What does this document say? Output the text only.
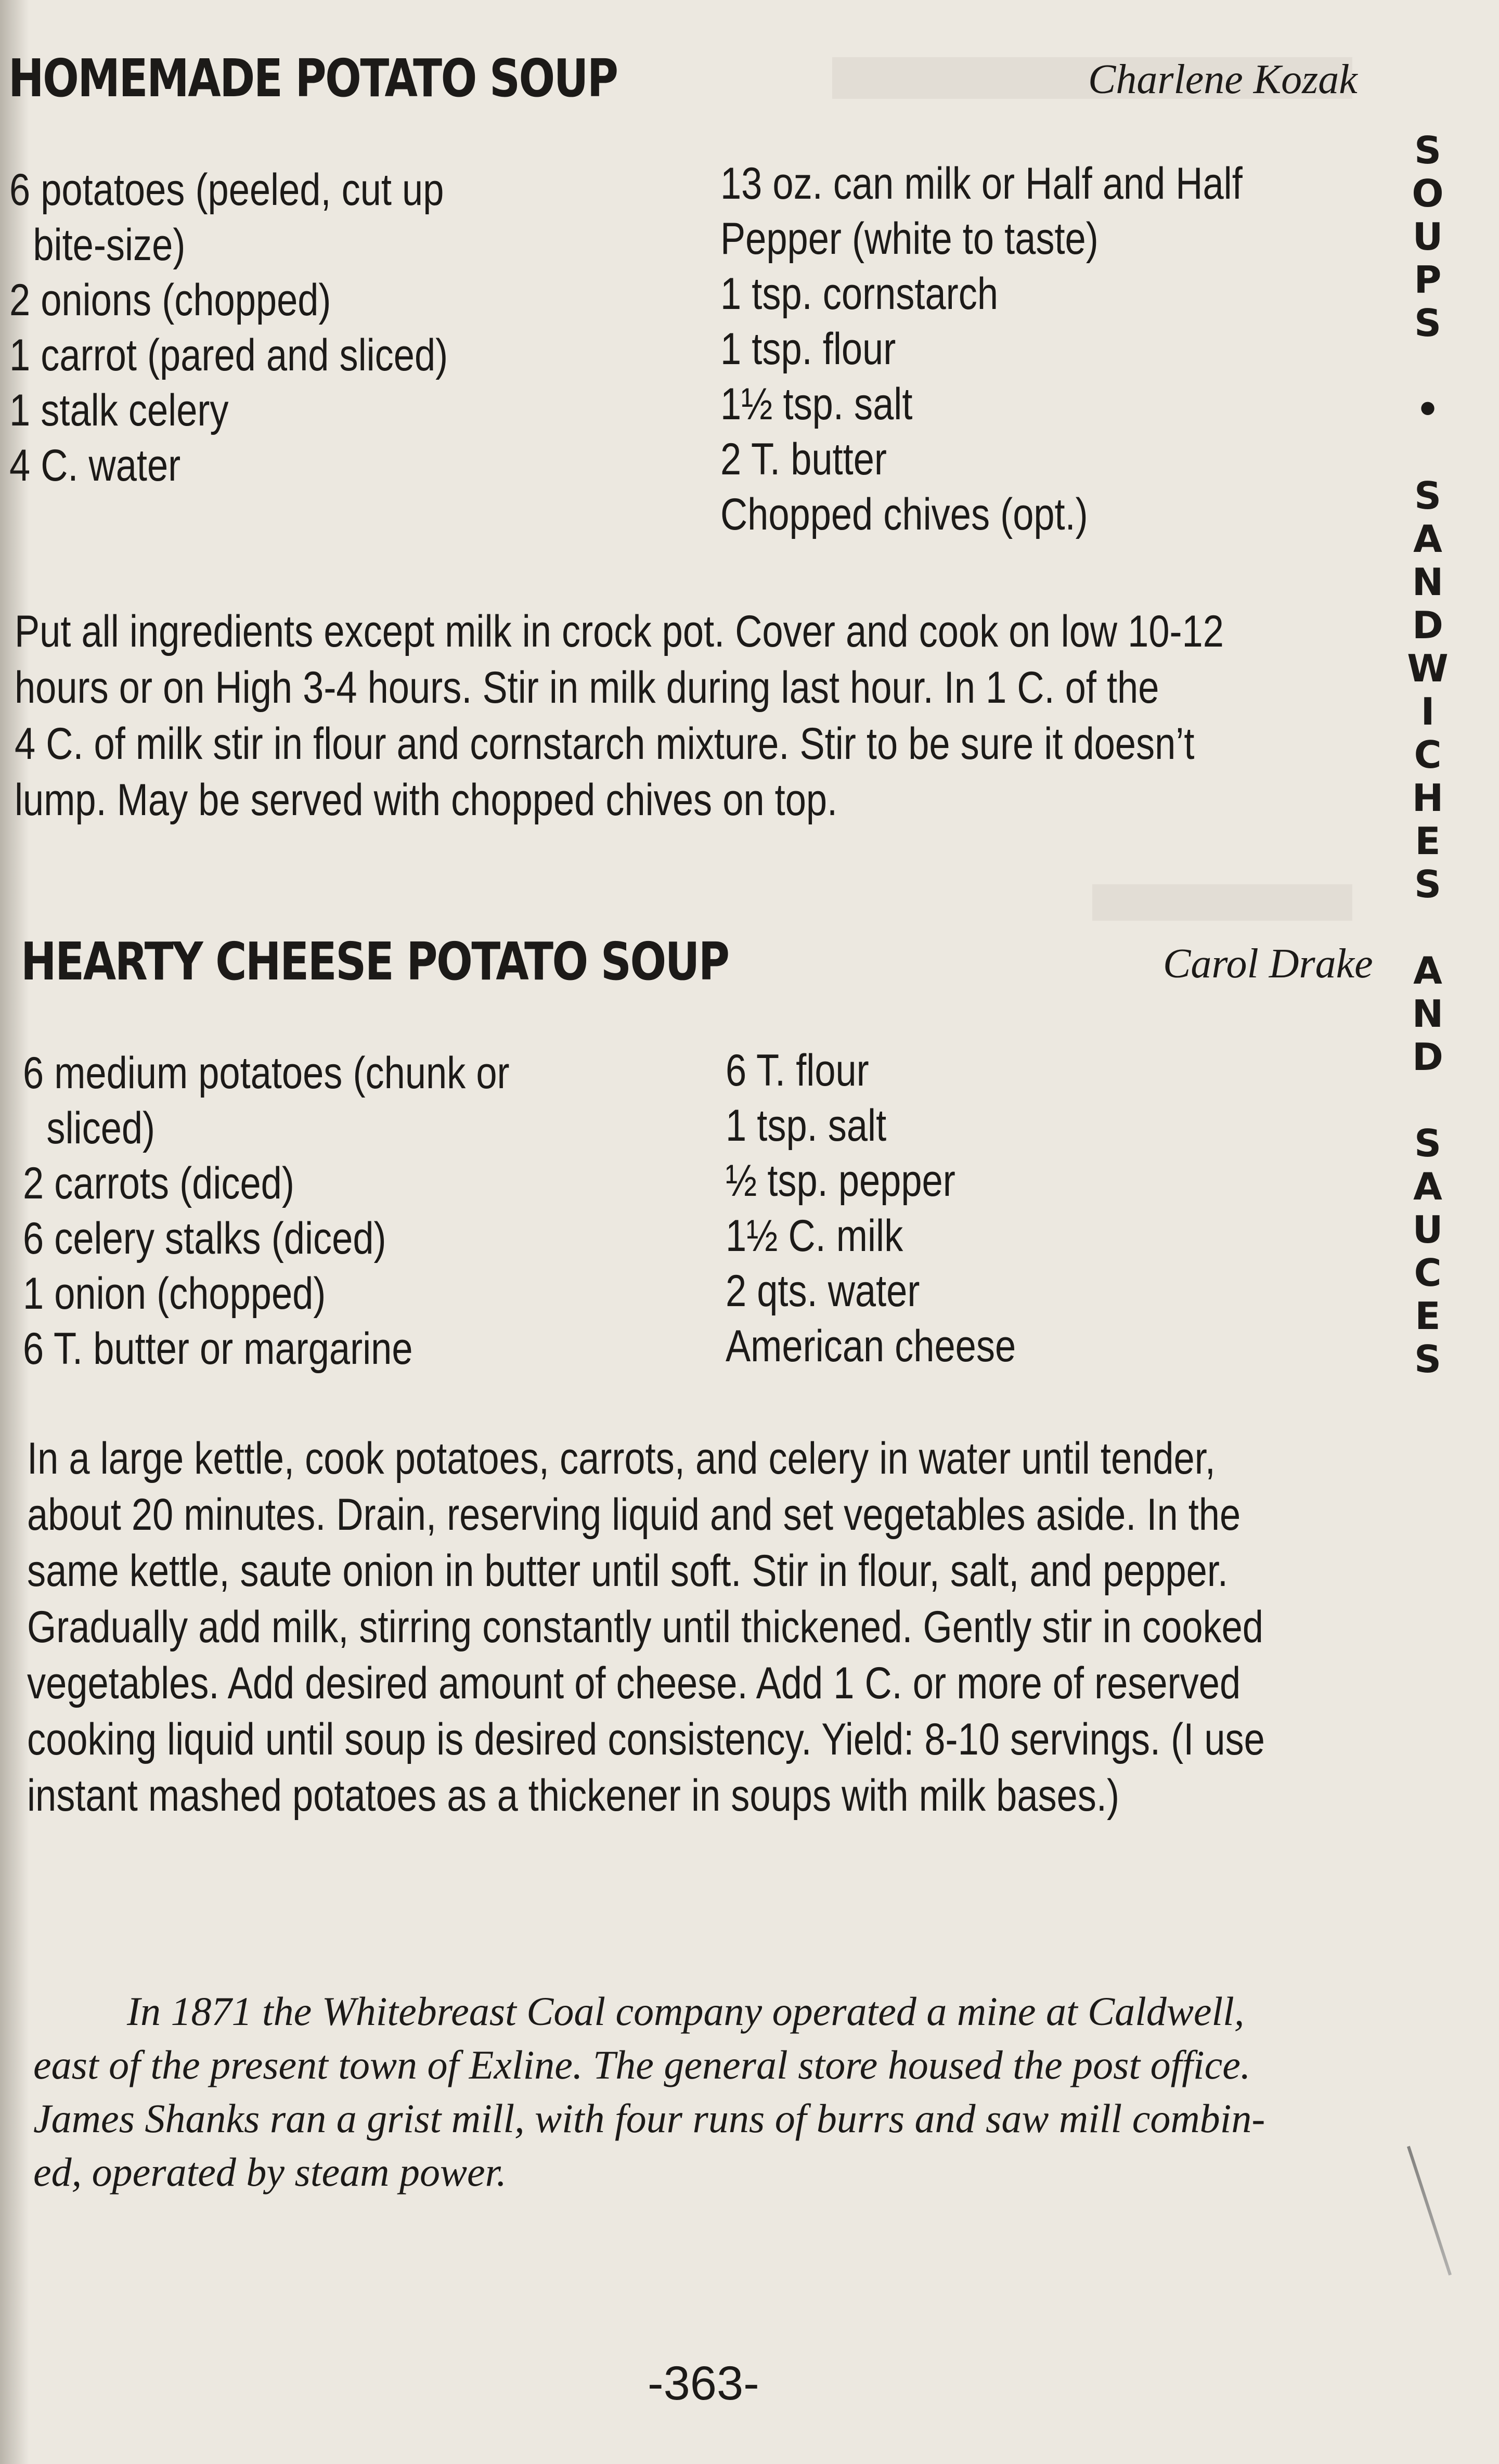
HOMEMADE POTATO SOUP	Charlene Kozak
6 potatoes (peeled, cut up
bite-size)
2 onions (chopped)
1 carrot (pared and sliced)
1 stalk celery
4 C. water
13 oz. can milk or Half and Half
Pepper (white to taste)
1 tsp. cornstarch
1 tsp. flour
1½ tsp. salt
2 T. butter
Chopped chives (opt.)
Put all ingredients except milk in crock pot. Cover and cook on low 10-12
hours or on High 3-4 hours. Stir in milk during last hour. In 1 C. of the
4 C. of milk stir in flour and cornstarch mixture. Stir to be sure it doesn’t
lump. May be served with chopped chives on top.
HEARTY CHEESE POTATO SOUP	Carol Drake
6 medium potatoes (chunk or
sliced)
2 carrots (diced)
6 celery stalks (diced)
1 onion (chopped)
6 T. butter or margarine
6 T. flour
1 tsp. salt
½ tsp. pepper
1½ C. milk
2 qts. water
American cheese
In a large kettle, cook potatoes, carrots, and celery in water until tender,
about 20 minutes. Drain, reserving liquid and set vegetables aside. In the
same kettle, saute onion in butter until soft. Stir in flour, salt, and pepper.
Gradually add milk, stirring constantly until thickened. Gently stir in cooked
vegetables. Add desired amount of cheese. Add 1 C. or more of reserved
cooking liquid until soup is desired consistency. Yield: 8-10 servings. (I use
instant mashed potatoes as a thickener in soups with milk bases.)
In 1871 the Whitebreast Coal company operated a mine at Caldwell,
east of the present town of Exline. The general store housed the post office.
James Shanks ran a grist mill, with four runs of burrs and saw mill combin-
ed, operated by steam power.
S
O
U
P
S
•
S
A
N
D
W
I
C
H
E
S
A
N
D
S
A
U
C
E
S
-363-
